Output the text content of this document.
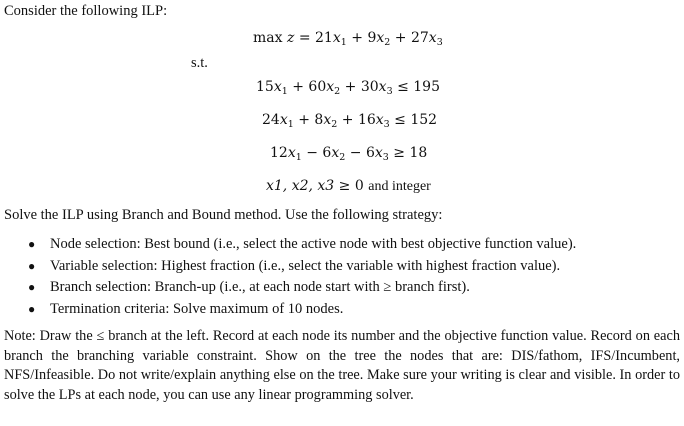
Consider the following ILP:
$\max z = 21x_1 + 9x_2 + 27x_3$
s.t.
$15x_1 + 60x_2 + 30x_3 \le 195$
$24x_1 + 8x_2 + 16x_3 \le 152$
$12x_1 - 6x_2 - 6x_3 \ge 18$
x1, x2, x3 ≥ 0 and integer
Solve the ILP using Branch and Bound method. Use the following strategy:
● Node selection: Best bound (i.e., select the active node with best objective function value).
● Variable selection: Highest fraction (i.e., select the variable with highest fraction value).
● Branch selection: Branch-up (i.e., at each node start with ≥ branch first).
● Termination criteria: Solve maximum of 10 nodes.
Note: Draw the ≤ branch at the left. Record at each node its number and the objective function value. Record on each branch the branching variable constraint. Show on the tree the nodes that are: DIS/fathom, IFS/Incumbent, NFS/Infeasible. Do not write/explain anything else on the tree. Make sure your writing is clear and visible. In order to solve the LPs at each node, you can use any linear programming solver.
